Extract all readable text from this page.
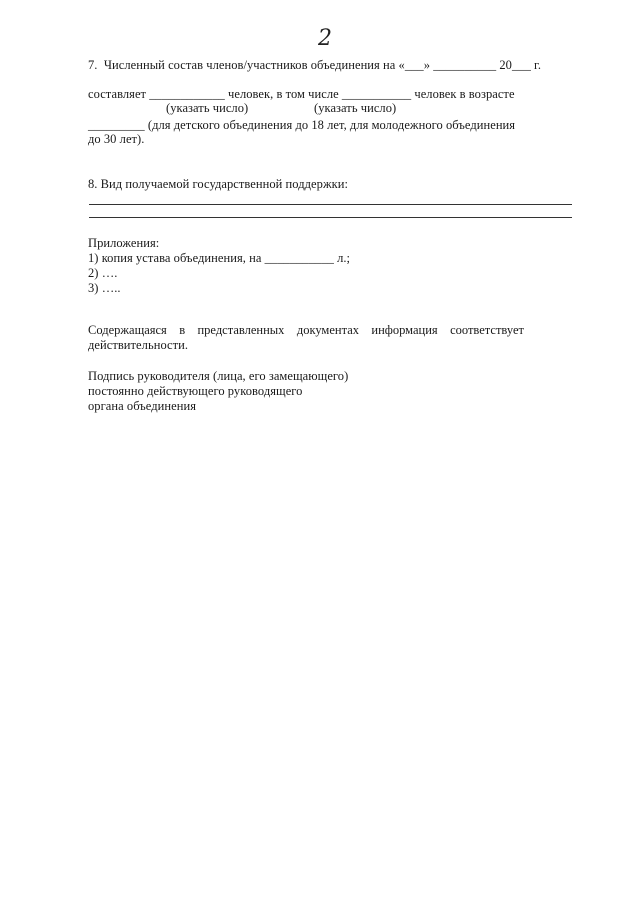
2
7.  Численный состав членов/участников объединения на «___» __________ 20___ г.
составляет ____________ человек, в том числе ___________ человек в возрасте
(указать число)	(указать число)
_________ (для детского объединения до 18 лет, для молодежного объединения
до 30 лет).
8. Вид получаемой государственной поддержки:
Приложения:
1) копия устава объединения, на ___________ л.;
2) ….
3) …..
Содержащаяся в представленных документах информация соответствует
действительности.
Подпись руководителя (лица, его замещающего)
постоянно действующего руководящего
органа объединения
